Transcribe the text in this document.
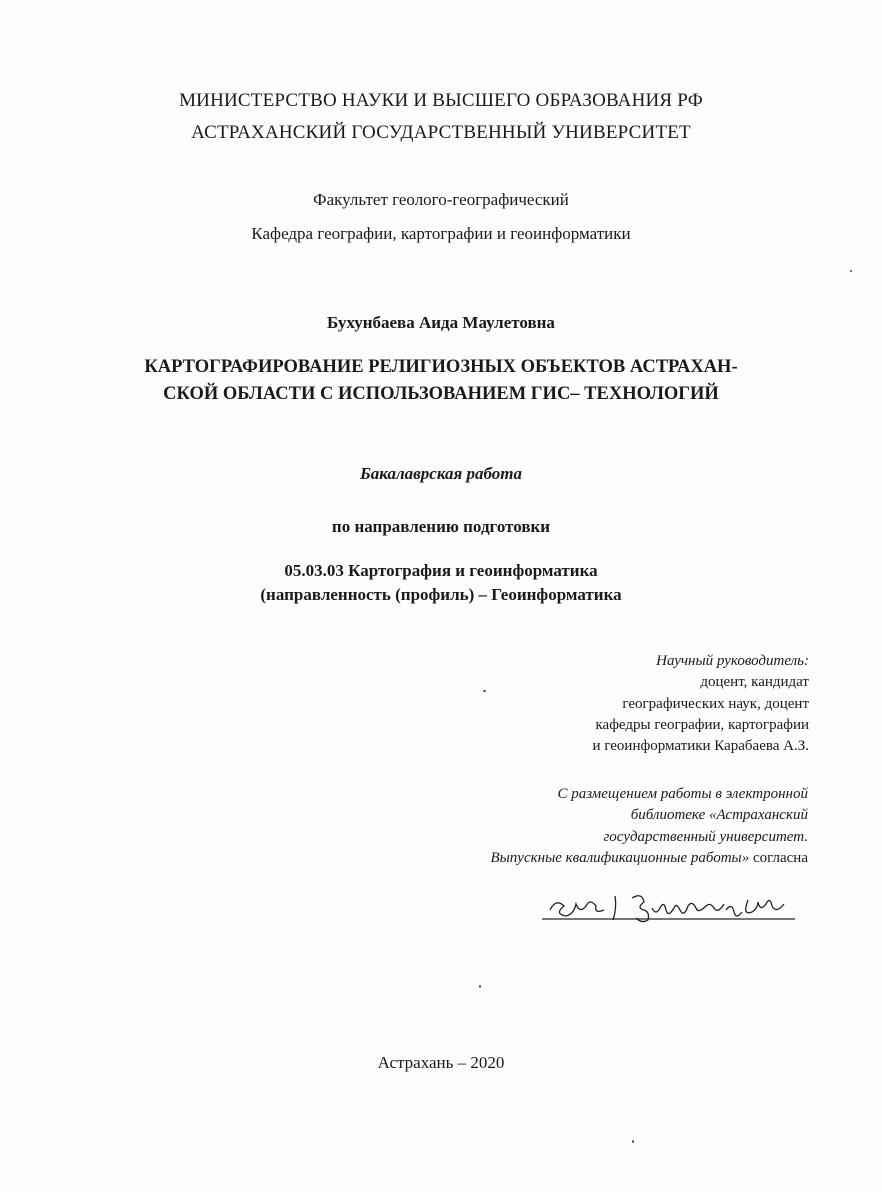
МИНИСТЕРСТВО НАУКИ И ВЫСШЕГО ОБРАЗОВАНИЯ РФ
АСТРАХАНСКИЙ ГОСУДАРСТВЕННЫЙ УНИВЕРСИТЕТ
Факультет геолого-географический
Кафедра географии, картографии и геоинформатики
Бухунбаева Аида Маулетовна
КАРТОГРАФИРОВАНИЕ РЕЛИГИОЗНЫХ ОБЪЕКТОВ АСТРАХАН-
СКОЙ ОБЛАСТИ С ИСПОЛЬЗОВАНИЕМ ГИС– ТЕХНОЛОГИЙ
Бакалаврская работа
по направлению подготовки
05.03.03 Картография и геоинформатика
(направленность (профиль) – Геоинформатика
Научный руководитель:
доцент, кандидат
географических наук, доцент
кафедры географии, картографии
и геоинформатики Карабаева А.З.
С размещением работы в электронной
библиотеке «Астраханский
государственный университет.
Выпускные квалификационные работы» согласна
Астрахань – 2020
